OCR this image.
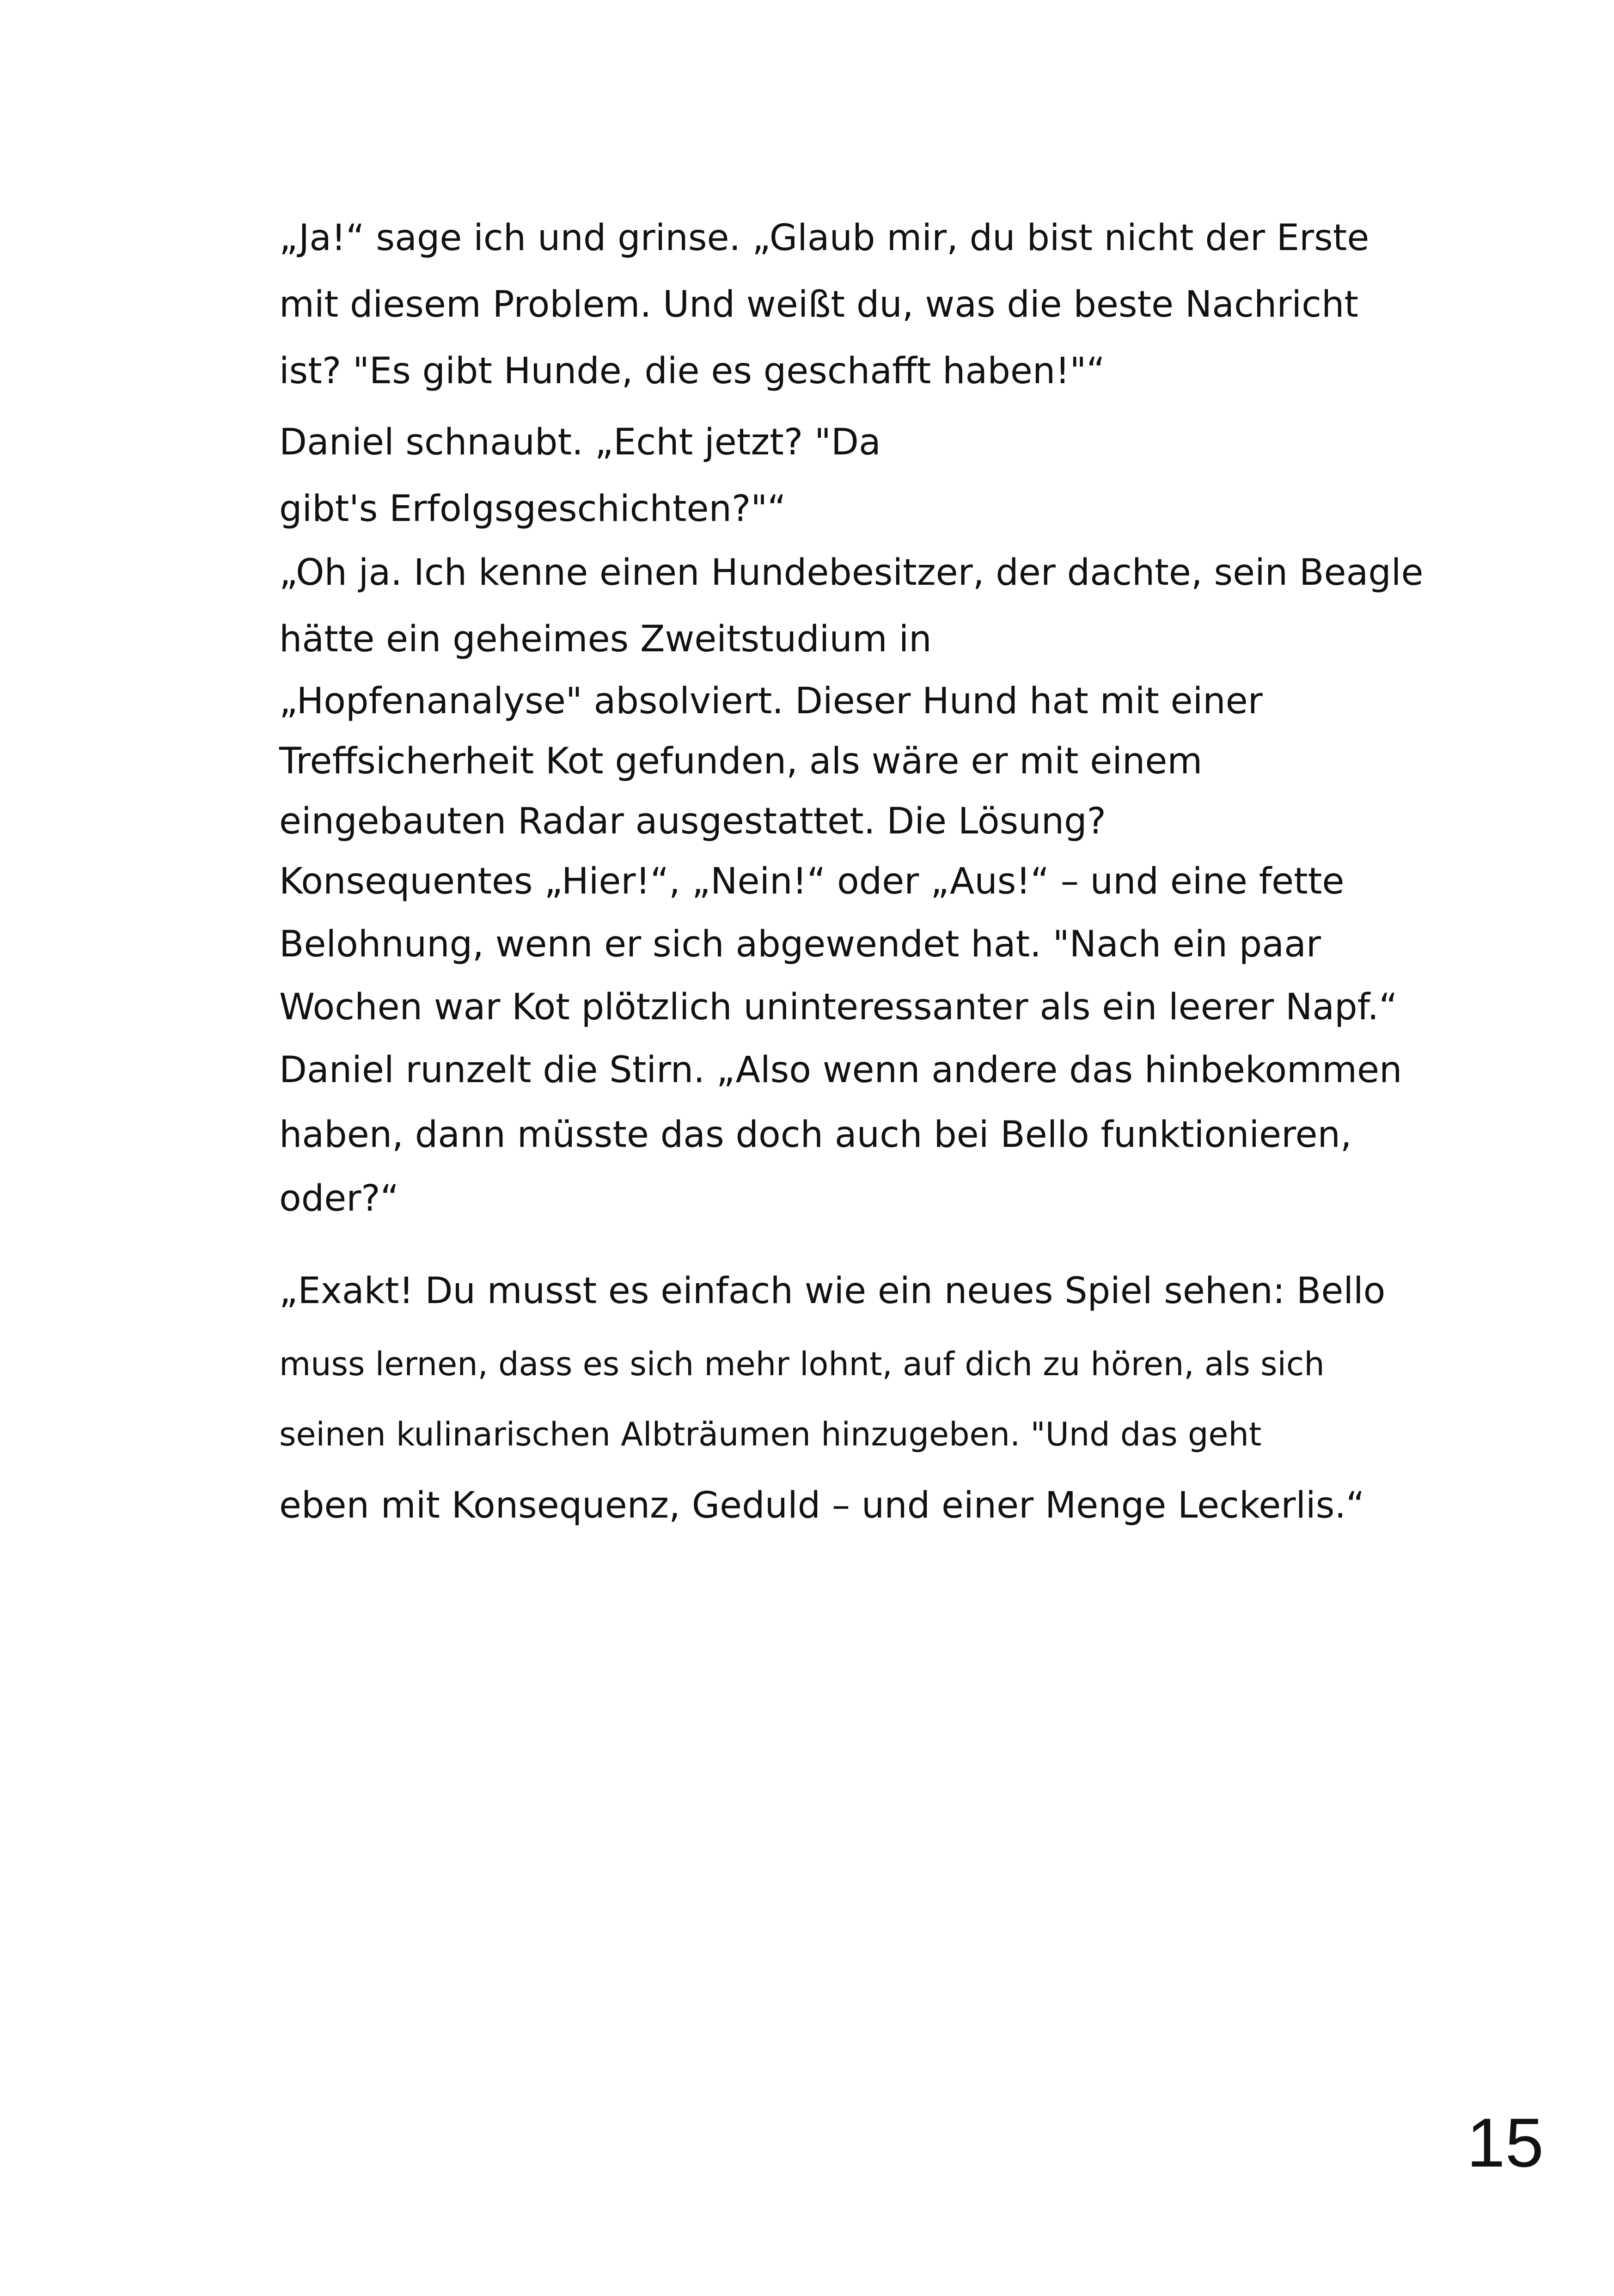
„Ja!“ sage ich und grinse. „Glaub mir, du bist nicht der Erste
mit diesem Problem. Und weißt du, was die beste Nachricht
ist? "Es gibt Hunde, die es geschafft haben!"“
Daniel schnaubt. „Echt jetzt? "Da
gibt's Erfolgsgeschichten?"“
„Oh ja. Ich kenne einen Hundebesitzer, der dachte, sein Beagle
hätte ein geheimes Zweitstudium in
„Hopfenanalyse" absolviert. Dieser Hund hat mit einer
Treffsicherheit Kot gefunden, als wäre er mit einem
eingebauten Radar ausgestattet. Die Lösung?
Konsequentes „Hier!“, „Nein!“ oder „Aus!“ – und eine fette
Belohnung, wenn er sich abgewendet hat. "Nach ein paar
Wochen war Kot plötzlich uninteressanter als ein leerer Napf.“
Daniel runzelt die Stirn. „Also wenn andere das hinbekommen
haben, dann müsste das doch auch bei Bello funktionieren,
oder?“
„Exakt! Du musst es einfach wie ein neues Spiel sehen: Bello
muss lernen, dass es sich mehr lohnt, auf dich zu hören, als sich
seinen kulinarischen Albträumen hinzugeben. "Und das geht
eben mit Konsequenz, Geduld – und einer Menge Leckerlis.“
15
